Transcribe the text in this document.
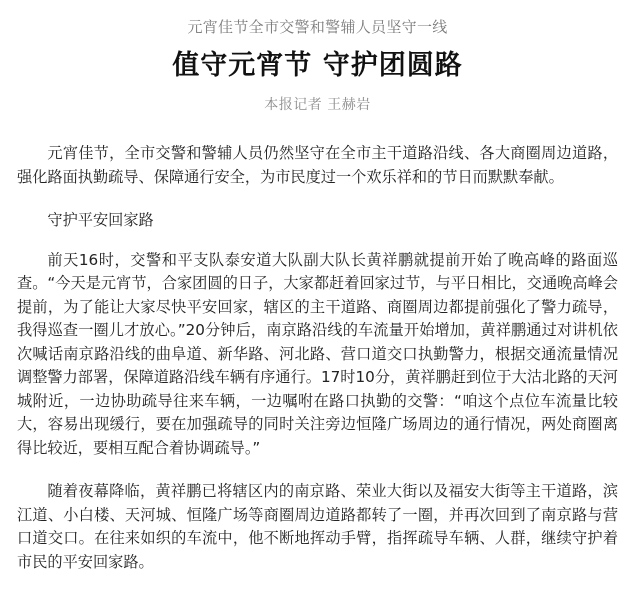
元宵佳节全市交警和警辅人员坚守一线
值守元宵节 守护团圆路
本报记者 王赫岩

元宵佳节，全市交警和警辅人员仍然坚守在全市主干道路沿线、各大商圈周边道路，强化路面执勤疏导、保障通行安全，为市民度过一个欢乐祥和的节日而默默奉献。

守护平安回家路

前天16时，交警和平支队泰安道大队副大队长黄祥鹏就提前开始了晚高峰的路面巡查。“今天是元宵节，合家团圆的日子，大家都赶着回家过节，与平日相比，交通晚高峰会提前，为了能让大家尽快平安回家，辖区的主干道路、商圈周边都提前强化了警力疏导，我得巡查一圈儿才放心。”20分钟后，南京路沿线的车流量开始增加，黄祥鹏通过对讲机依次喊话南京路沿线的曲阜道、新华路、河北路、营口道交口执勤警力，根据交通流量情况调整警力部署，保障道路沿线车辆有序通行。17时10分，黄祥鹏赶到位于大沽北路的天河城附近，一边协助疏导往来车辆，一边嘱咐在路口执勤的交警：“咱这个点位车流量比较大，容易出现缓行，要在加强疏导的同时关注旁边恒隆广场周边的通行情况，两处商圈离得比较近，要相互配合着协调疏导。”

随着夜幕降临，黄祥鹏已将辖区内的南京路、荣业大街以及福安大街等主干道路，滨江道、小白楼、天河城、恒隆广场等商圈周边道路都转了一圈，并再次回到了南京路与营口道交口。在往来如织的车流中，他不断地挥动手臂，指挥疏导车辆、人群，继续守护着市民的平安回家路。
